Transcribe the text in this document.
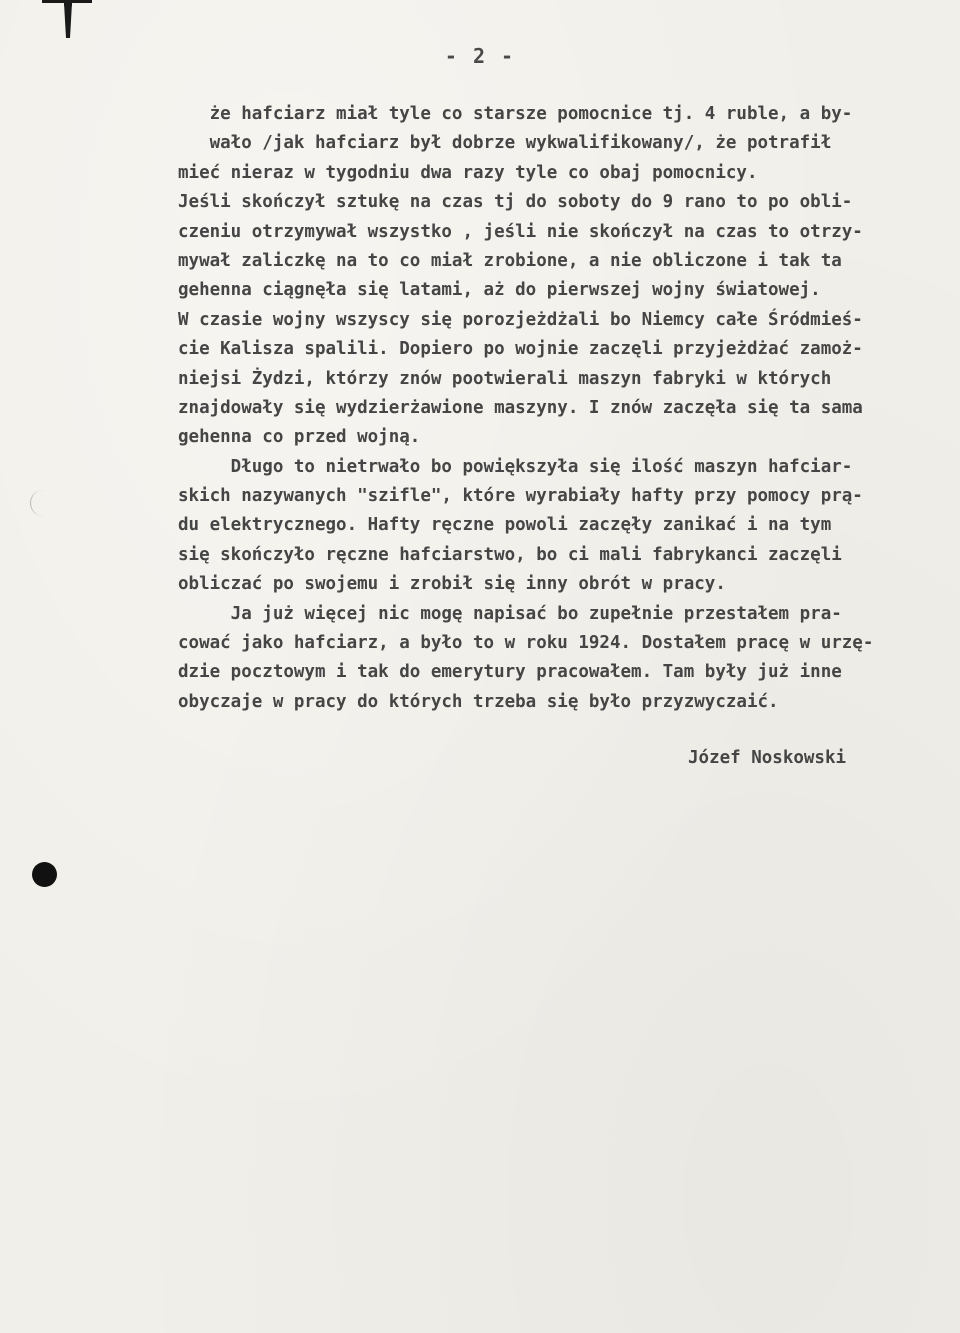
- 2 -
że hafciarz miał tyle co starsze pomocnice tj. 4 ruble, a by-
wało /jak hafciarz był dobrze wykwalifikowany/, że potrafił
mieć nieraz w tygodniu dwa razy tyle co obaj pomocnicy.
Jeśli skończył sztukę na czas tj do soboty do 9 rano to po obli-
czeniu otrzymywał wszystko , jeśli nie skończył na czas to otrzy-
mywał zaliczkę na to co miał zrobione, a nie obliczone i tak ta
gehenna ciągnęła się latami, aż do pierwszej wojny światowej.
W czasie wojny wszyscy się porozjeżdżali bo Niemcy całe Śródmieś-
cie Kalisza spalili. Dopiero po wojnie zaczęli przyjeżdżać zamoż-
niejsi Żydzi, którzy znów pootwierali maszyn fabryki w których
znajdowały się wydzierżawione maszyny. I znów zaczęła się ta sama
gehenna co przed wojną.
Długo to nietrwało bo powiększyła się ilość maszyn hafciar-
skich nazywanych "szifle", które wyrabiały hafty przy pomocy prą-
du elektrycznego. Hafty ręczne powoli zaczęły zanikać i na tym
się skończyło ręczne hafciarstwo, bo ci mali fabrykanci zaczęli
obliczać po swojemu i zrobił się inny obrót w pracy.
Ja już więcej nic mogę napisać bo zupełnie przestałem pra-
cować jako hafciarz, a było to w roku 1924. Dostałem pracę w urzę-
dzie pocztowym i tak do emerytury pracowałem. Tam były już inne
obyczaje w pracy do których trzeba się było przyzwyczaić.
Józef Noskowski
